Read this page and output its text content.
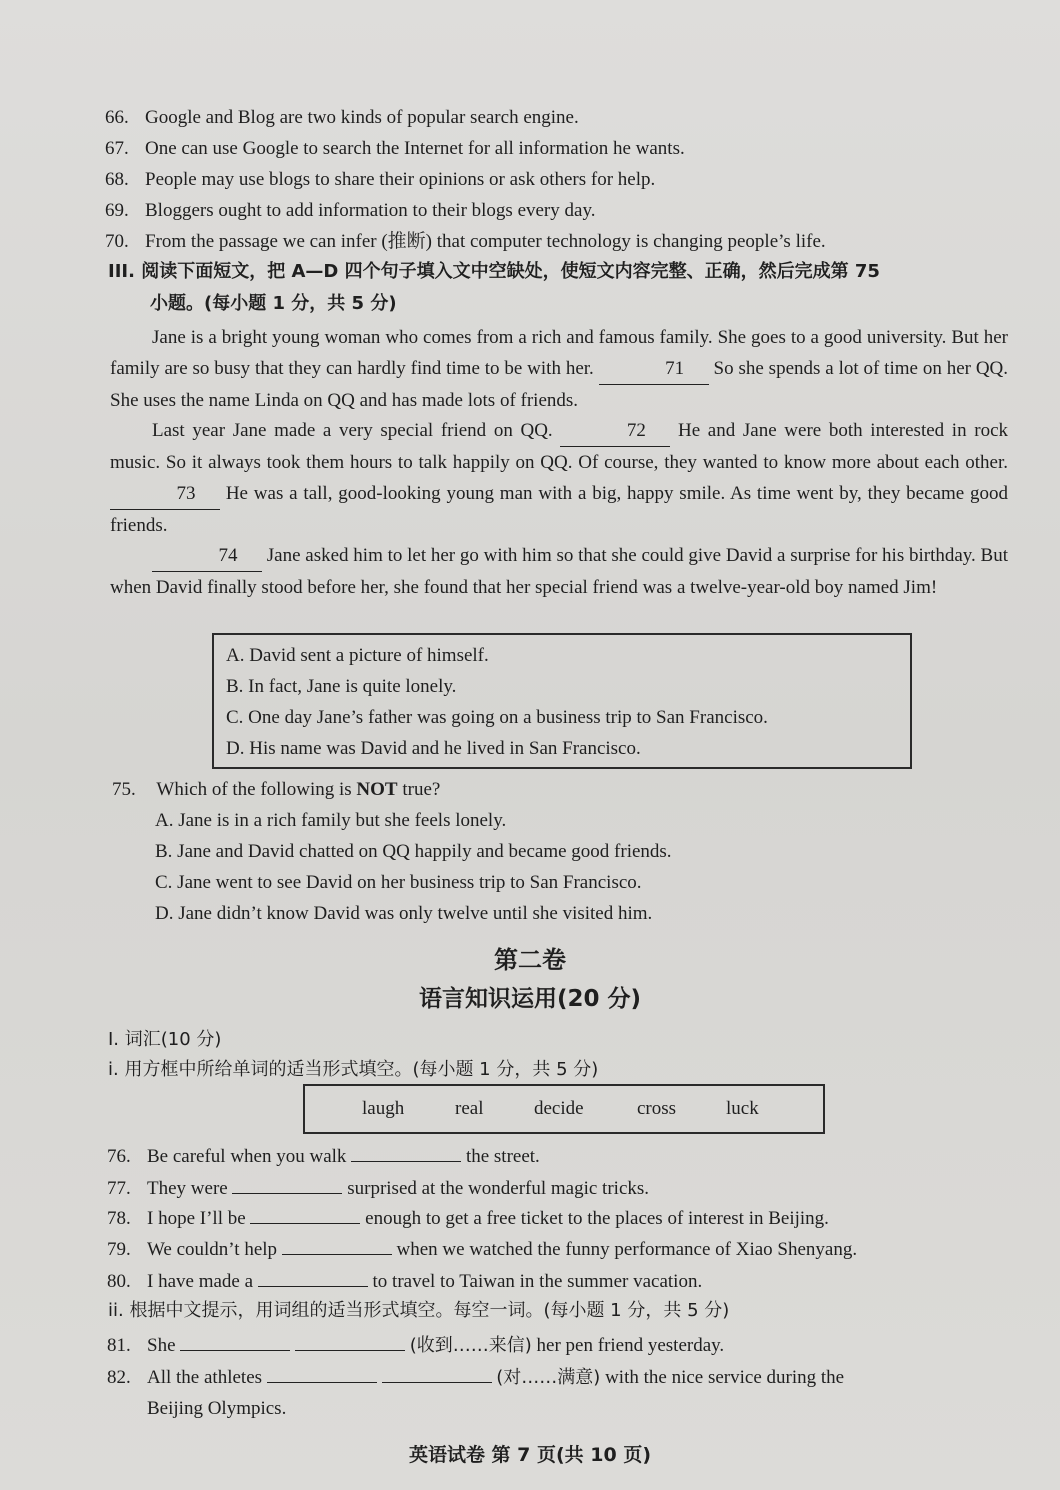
66. Google and Blog are two kinds of popular search engine.
67. One can use Google to search the Internet for all information he wants.
68. People may use blogs to share their opinions or ask others for help.
69. Bloggers ought to add information to their blogs every day.
70. From the passage we can infer (推断) that computer technology is changing people’s life.
III. 阅读下面短文，把 A—D 四个句子填入文中空缺处，使短文内容完整、正确，然后完成第 75
小题。(每小题 1 分，共 5 分)
Jane is a bright young woman who comes from a rich and famous family. She goes to a good university. But her family are so busy that they can hardly find time to be with her.	71 So she spends a lot of time on her QQ. She uses the name Linda on QQ and has made lots of friends.
Last year Jane made a very special friend on QQ.	72 He and Jane were both interested in rock music. So it always took them hours to talk happily on QQ. Of course, they wanted to know more about each other. 73 He was a tall, good-looking young man with a big, happy smile. As time went by, they became good friends.
74 Jane asked him to let her go with him so that she could give David a surprise for his birthday. But when David finally stood before her, she found that her special friend was a twelve-year-old boy named Jim!
A. David sent a picture of himself.
B. In fact, Jane is quite lonely.
C. One day Jane’s father was going on a business trip to San Francisco.
D. His name was David and he lived in San Francisco.
75. Which of the following is NOT true?
A. Jane is in a rich family but she feels lonely.
B. Jane and David chatted on QQ happily and became good friends.
C. Jane went to see David on her business trip to San Francisco.
D. Jane didn’t know David was only twelve until she visited him.
第二卷
语言知识运用(20 分)
I. 词汇(10 分)
i. 用方框中所给单词的适当形式填空。(每小题 1 分，共 5 分)
laugh	real	decide	cross	luck
76. Be careful when you walk	the street.
77. They were	surprised at the wonderful magic tricks.
78. I hope I’ll be	enough to get a free ticket to the places of interest in Beijing.
79. We couldn’t help	when we watched the funny performance of Xiao Shenyang.
80. I have made a	to travel to Taiwan in the summer vacation.
ii. 根据中文提示，用词组的适当形式填空。每空一词。(每小题 1 分，共 5 分)
81. She	(收到……来信) her pen friend yesterday.
82. All the athletes	(对……满意) with the nice service during the
Beijing Olympics.
英语试卷 第 7 页(共 10 页)
